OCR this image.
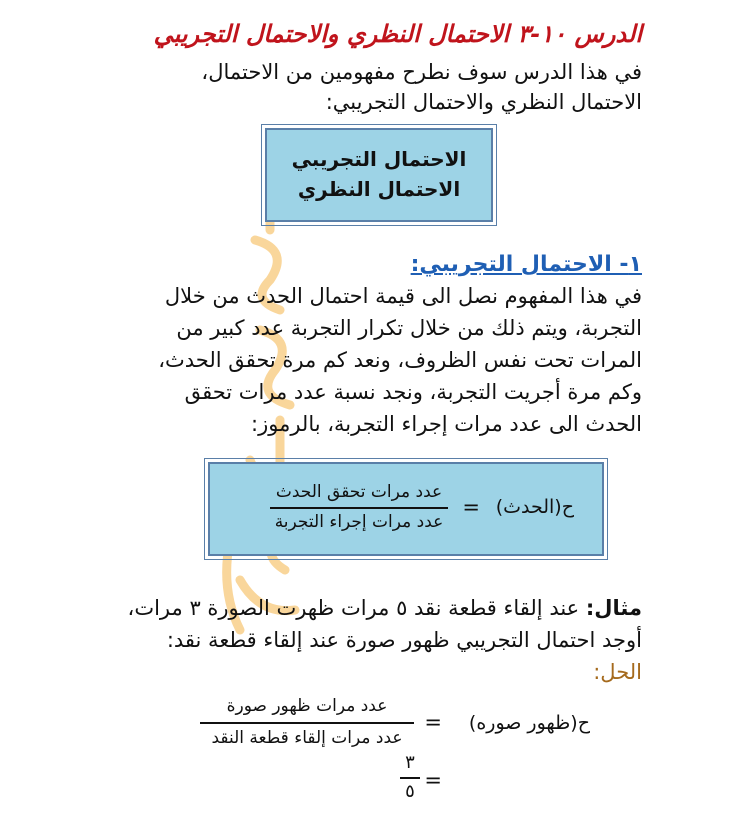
الدرس ١٠-٣ الاحتمال النظري والاحتمال التجريبي
في هذا الدرس سوف نطرح مفهومين من الاحتمال،
الاحتمال النظري والاحتمال التجريبي:
الاحتمال التجريبي
الاحتمال النظري
١- الاحتمال التجريبي:
في هذا المفهوم نصل الى قيمة احتمال الحدث من خلال
التجربة، ويتم ذلك من خلال تكرار التجربة عدد كبير من
المرات تحت نفس الظروف، ونعد كم مرة تحقق الحدث،
وكم مرة أجريت التجربة، ونجد نسبة عدد مرات تحقق
الحدث الى عدد مرات إجراء التجربة، بالرموز:
ح(الحدث)
=
عدد مرات تحقق الحدث
عدد مرات إجراء التجربة
مثال: عند إلقاء قطعة نقد ٥ مرات ظهرت الصورة ٣ مرات،
أوجد احتمال التجريبي ظهور صورة عند إلقاء قطعة نقد:
الحل:
ح(ظهور صوره)
=
عدد مرات ظهور صورة
عدد مرات إلقاء قطعة النقد
=
٣
٥
